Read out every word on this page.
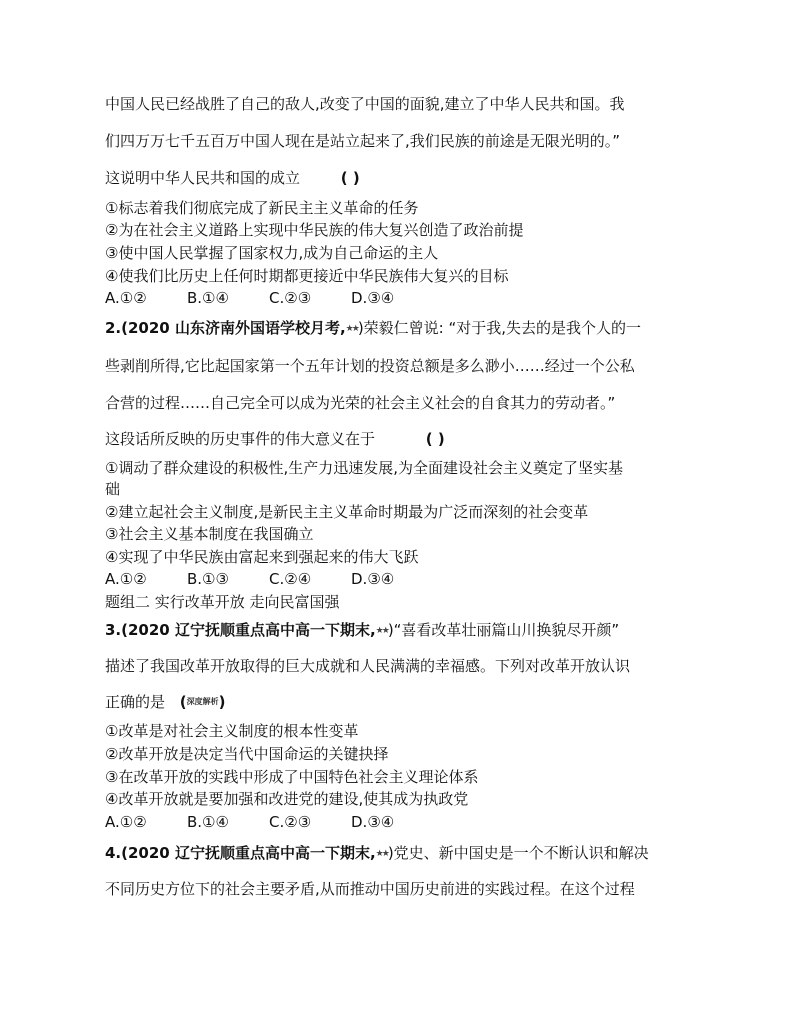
中国人民已经战胜了自己的敌人,改变了中国的面貌,建立了中华人民共和国。我
们四万万七千五百万中国人现在是站立起来了,我们民族的前途是无限光明的。”
这说明中华人民共和国的成立	( )
①标志着我们彻底完成了新民主主义革命的任务
②为在社会主义道路上实现中华民族的伟大复兴创造了政治前提
③使中国人民掌握了国家权力,成为自己命运的主人
④使我们比历史上任何时期都更接近中华民族伟大复兴的目标
A.①②	B.①④	C.②③	D.③④
2.(2020 山东济南外国语学校月考,★★)荣毅仁曾说: “对于我,失去的是我个人的一
些剥削所得,它比起国家第一个五年计划的投资总额是多么渺小……经过一个公私
合营的过程……自己完全可以成为光荣的社会主义社会的自食其力的劳动者。”
这段话所反映的历史事件的伟大意义在于	( )
①调动了群众建设的积极性,生产力迅速发展,为全面建设社会主义奠定了坚实基
础
②建立起社会主义制度,是新民主主义革命时期最为广泛而深刻的社会变革
③社会主义基本制度在我国确立
④实现了中华民族由富起来到强起来的伟大飞跃
A.①②	B.①③	C.②④	D.③④
题组二 实行改革开放 走向民富国强
3.(2020 辽宁抚顺重点高中高一下期末,★★)“喜看改革壮丽篇山川换貌尽开颜”
描述了我国改革开放取得的巨大成就和人民满满的幸福感。下列对改革开放认识
正确的是 (深度解析)
①改革是对社会主义制度的根本性变革
②改革开放是决定当代中国命运的关键抉择
③在改革开放的实践中形成了中国特色社会主义理论体系
④改革开放就是要加强和改进党的建设,使其成为执政党
A.①②	B.①④	C.②③	D.③④
4.(2020 辽宁抚顺重点高中高一下期末,★★)党史、新中国史是一个不断认识和解决
不同历史方位下的社会主要矛盾,从而推动中国历史前进的实践过程。在这个过程
